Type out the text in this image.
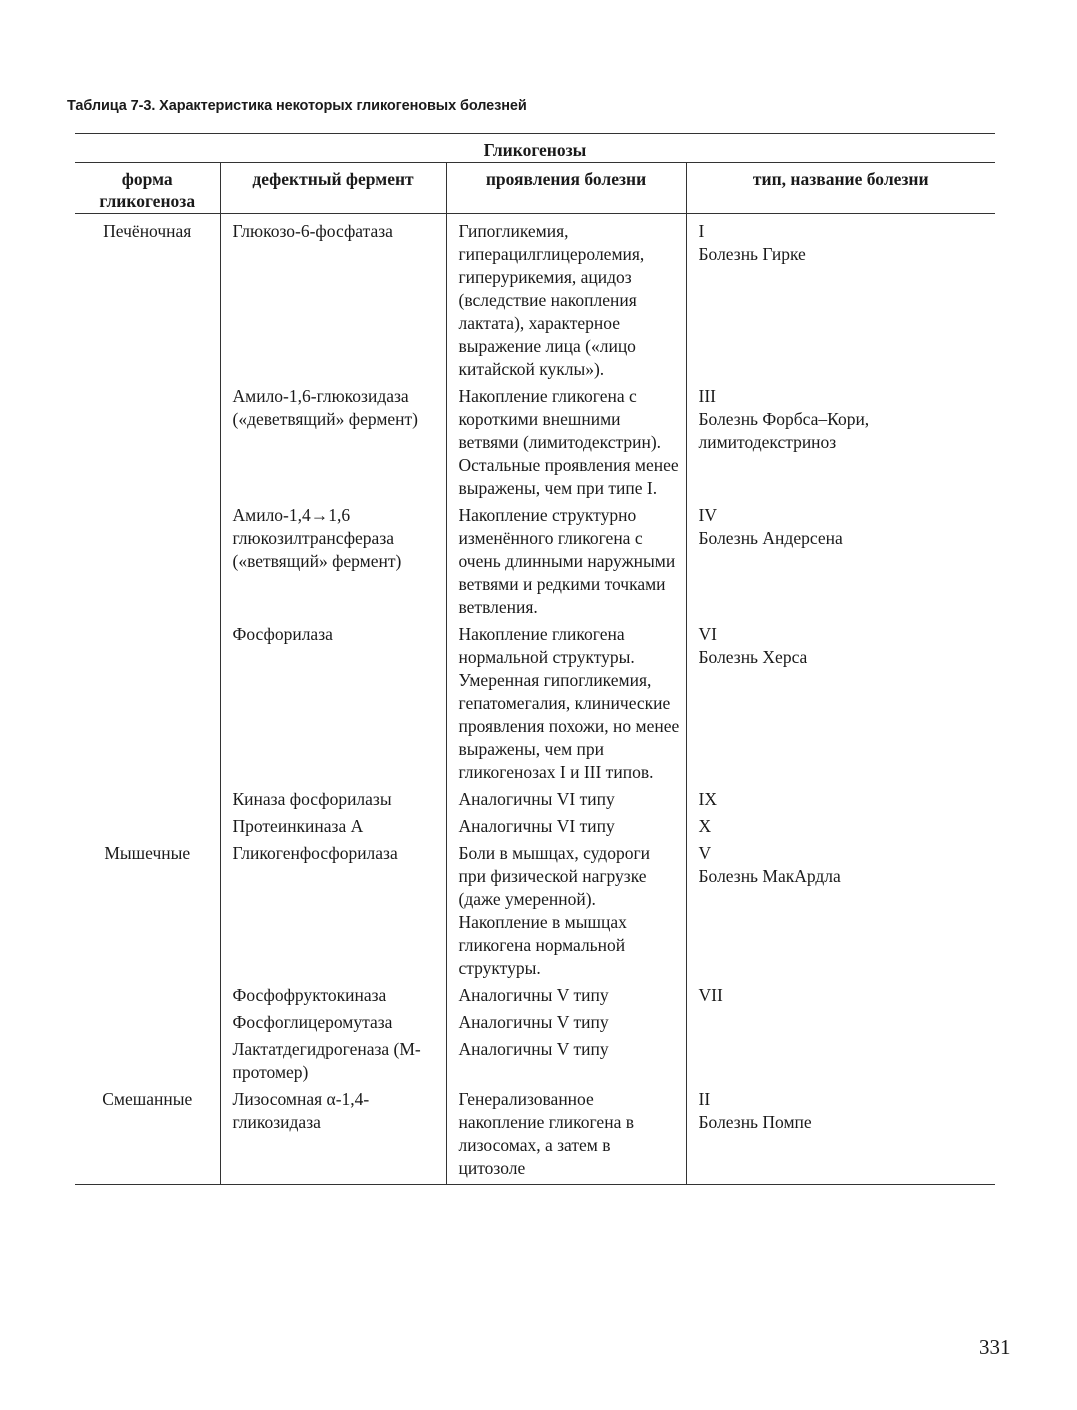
Таблица 7-3. Характеристика некоторых гликогеновых болезней
Гликогенозы
форма гликогеноза	дефектный фермент	проявления болезни	тип, название болезни
Печёночная	Глюкозо-6-фосфатаза	Гипогликемия, гиперацилглицеролемия, гиперурикемия, ацидоз (вследствие накопления лактата), характерное выражение лица («лицо китайской куклы»).	I
Болезнь Гирке

	Амило-1,6-глюкозидаза («деветвящий» фермент)	Накопление гликогена с короткими внешними ветвями (лимитодекстрин). Остальные проявления менее выражены, чем при типе I.	III
Болезнь Форбса–Кори, лимитодекстриноз

	Амило-1,4→1,6 глюкозилтрансфераза («ветвящий» фермент)	Накопление структурно изменённого гликогена с очень длинными наружными ветвями и редкими точками ветвления.	IV
Болезнь Андерсена

	Фосфорилаза	Накопление гликогена нормальной структуры. Умеренная гипогликемия, гепатомегалия, клинические проявления похожи, но менее выражены, чем при гликогенозах I и III типов.	VI
Болезнь Херса

	Киназа фосфорилазы	Аналогичны VI типу	IX

	Протеинкиназа А	Аналогичны VI типу	X

Мышечные	Гликогенфосфорилаза	Боли в мышцах, судороги при физической нагрузке (даже умеренной). Накопление в мышцах гликогена нормальной структуры.	V
Болезнь МакАрдла

	Фосфофруктокиназа	Аналогичны V типу	VII

	Фосфоглицеромутаза	Аналогичны V типу	

	Лактатдегидрогеназа (М-протомер)	Аналогичны V типу	

Смешанные	Лизосомная α-1,4-гликозидаза	Генерализованное накопление гликогена в лизосомах, а затем в цитозоле	II
Болезнь Помпе
331
